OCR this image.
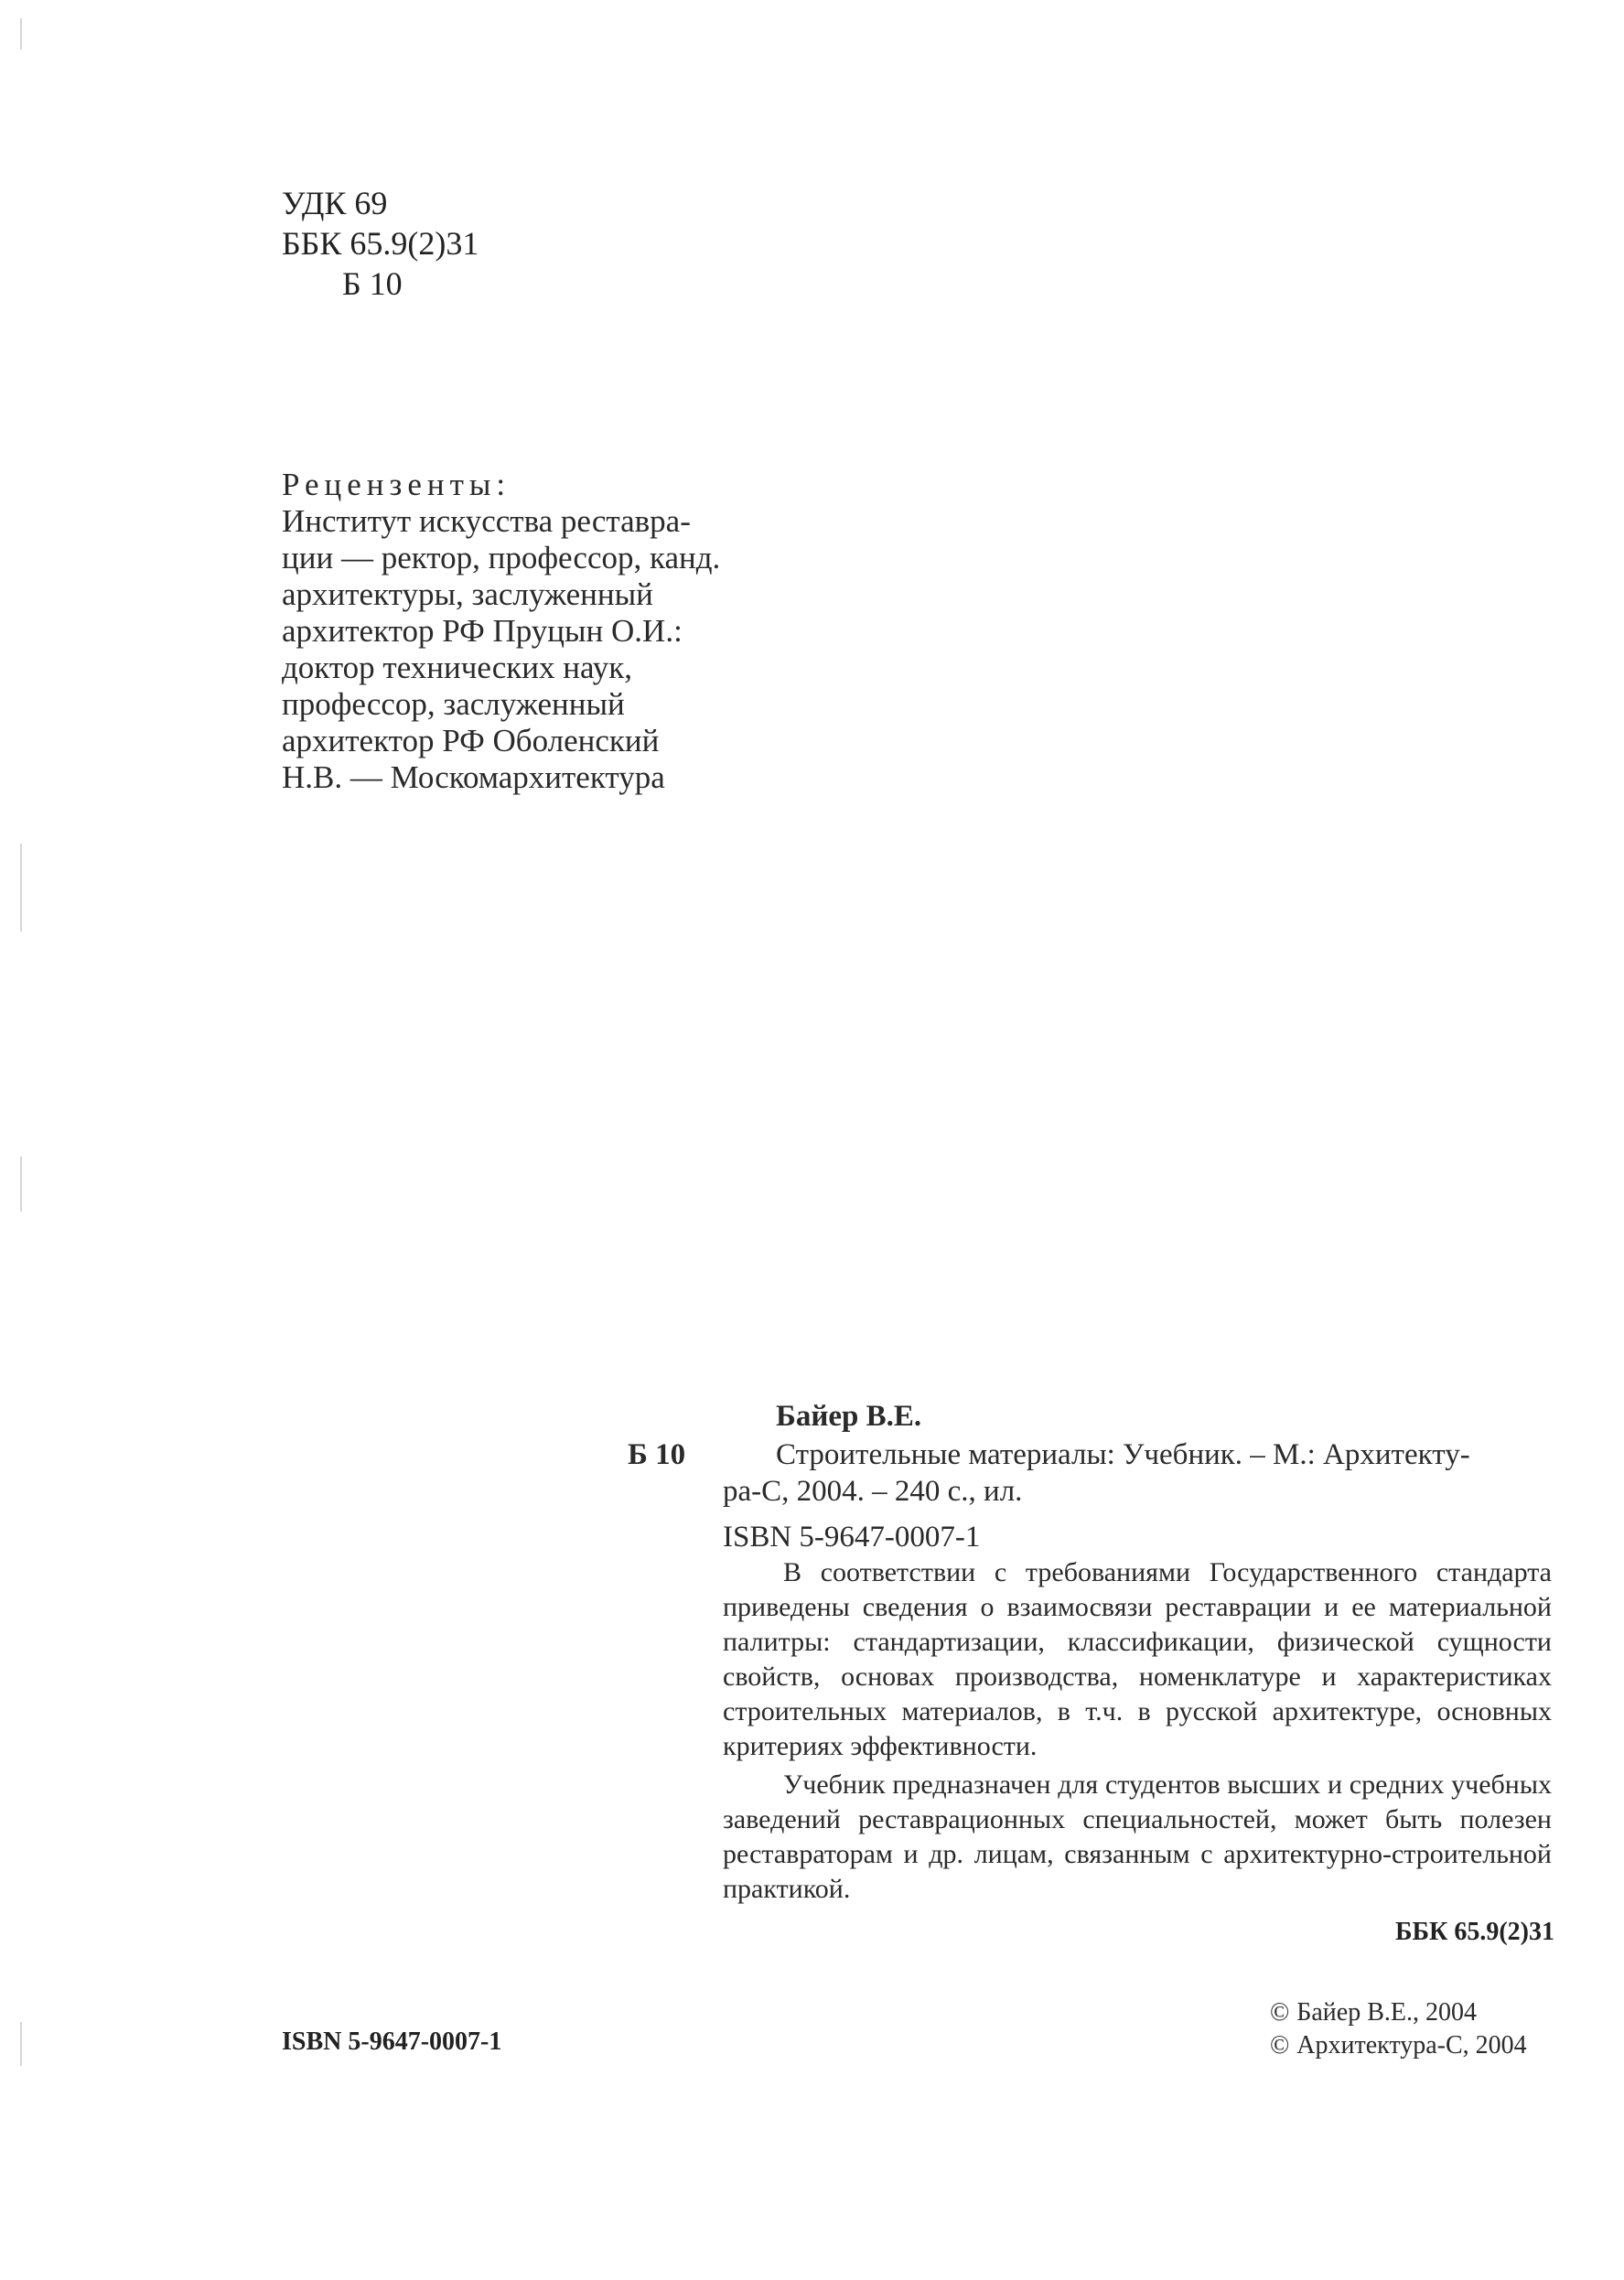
УДК 69
ББК 65.9(2)31
Б 10
Рецензенты:
Институт искусства реставра-
ции — ректор, профессор, канд.
архитектуры, заслуженный
архитектор РФ Пруцын О.И.:
доктор технических наук,
профессор, заслуженный
архитектор РФ Оболенский
Н.В. — Москомархитектура
Байер В.Е.
Б 10	Строительные материалы: Учебник. – М.: Архитекту-
ра-С, 2004. – 240 с., ил.
ISBN 5-9647-0007-1

В соответствии с требованиями Государственного стандарта приведены сведения о взаимосвязи реставрации и ее материальной палитры: стандартизации, классификации, физической сущности свойств, основах производства, номенклатуре и характеристиках строительных материалов, в т.ч. в русской архитектуре, основных критериях эффективности.

Учебник предназначен для студентов высших и средних учебных заведений реставрационных специальностей, может быть полезен реставраторам и др. лицам, связанным с архитектурно-строительной практикой.

ББК 65.9(2)31
ISBN 5-9647-0007-1
© Байер В.Е., 2004
© Архитектура-С, 2004
